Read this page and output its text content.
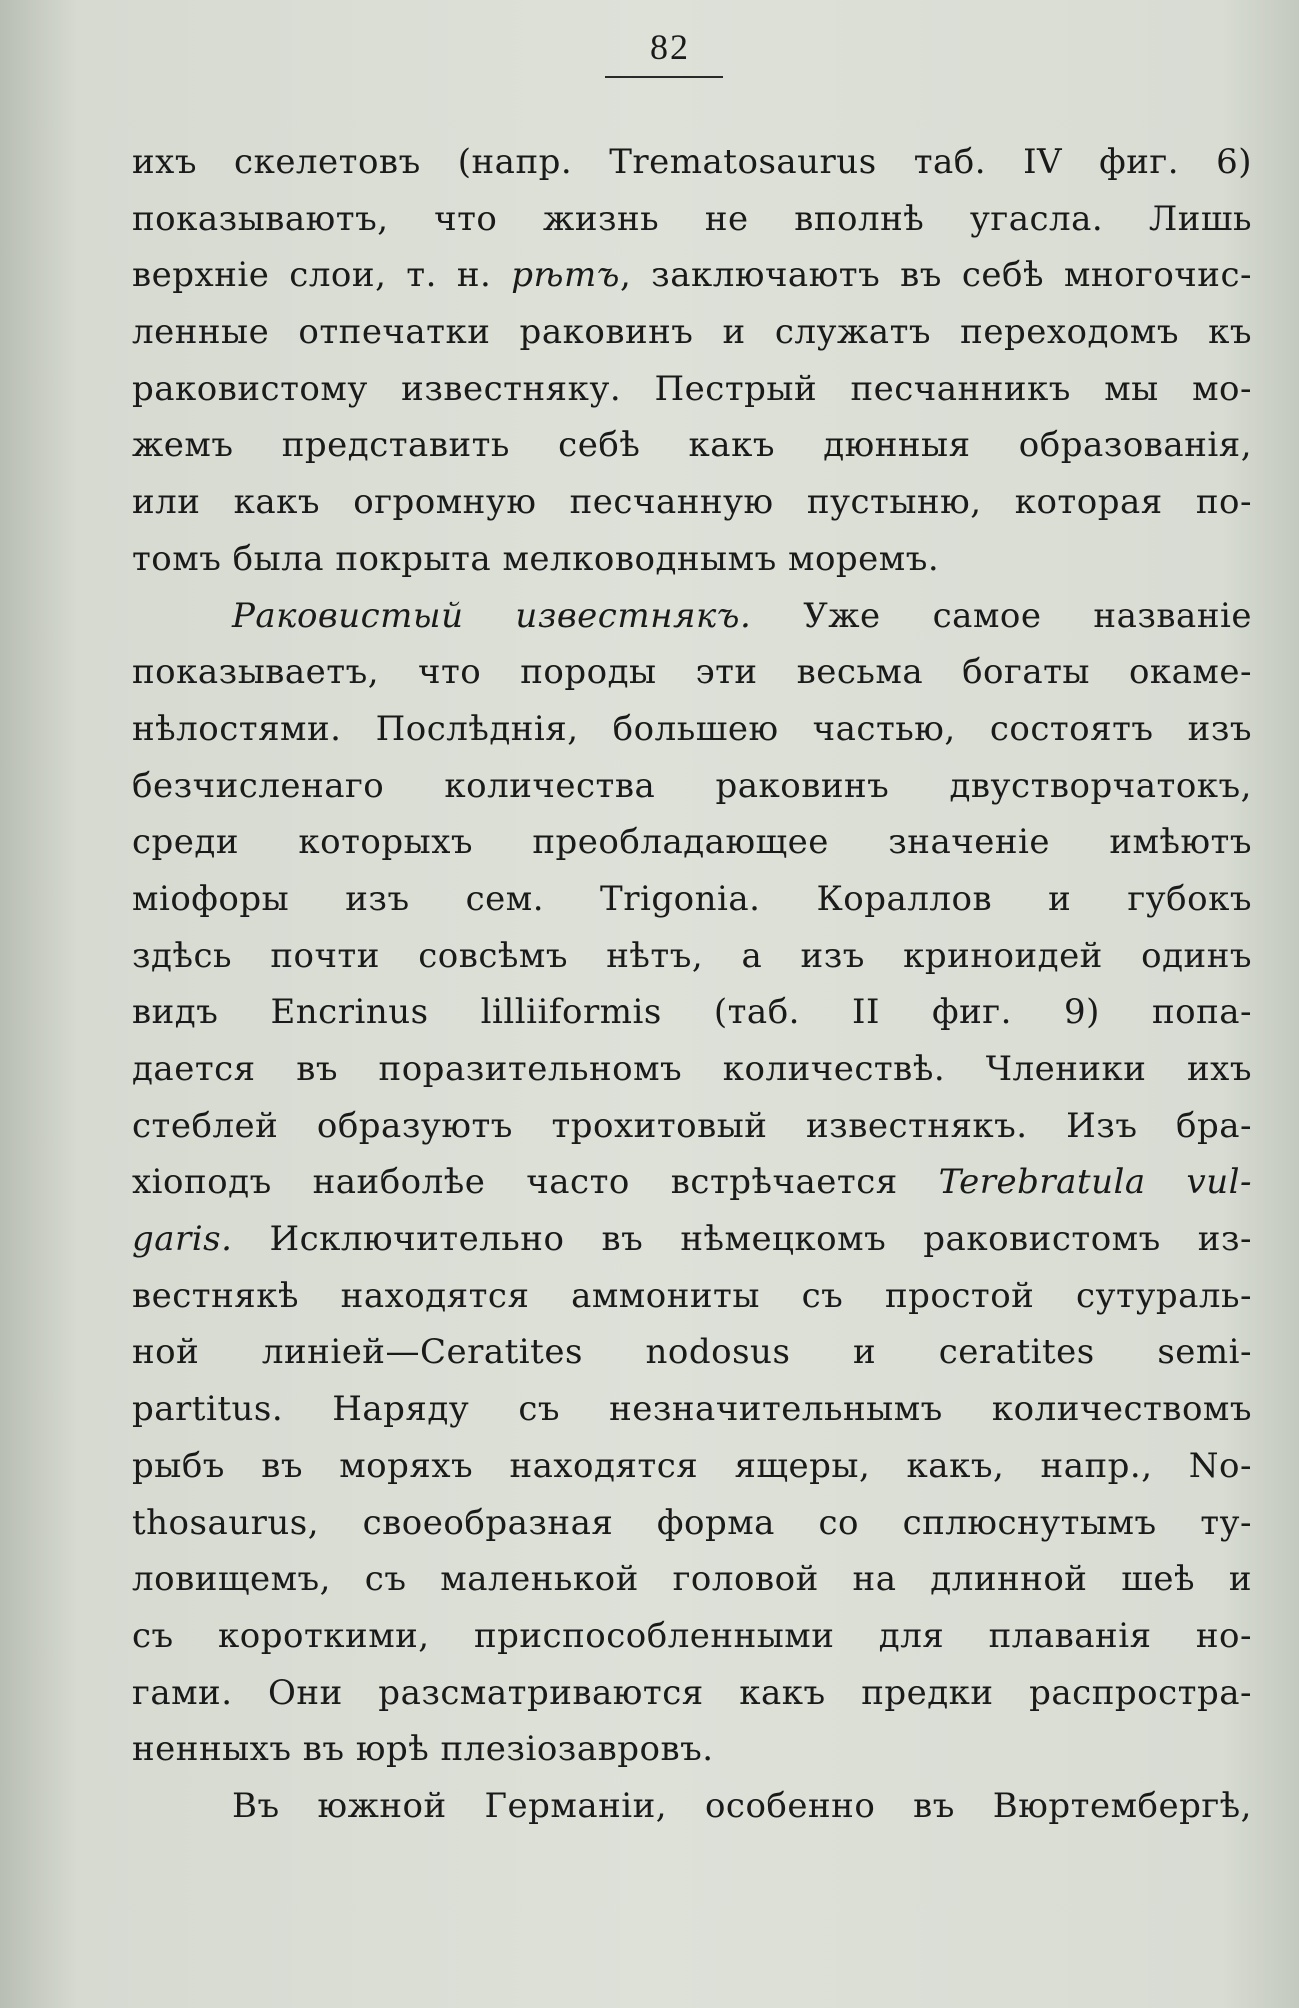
82
ихъ скелетовъ (напр. Trematosaurus таб. IV фиг. 6)
показываютъ, что жизнь не вполнѣ угасла. Лишь
верхніе слои, т. н. рѣтъ, заключаютъ въ себѣ многочис-
ленные отпечатки раковинъ и служатъ переходомъ къ
раковистому известняку. Пестрый песчанникъ мы мо-
жемъ представить себѣ какъ дюнныя образованія,
или какъ огромную песчанную пустыню, которая по-
томъ была покрыта мелководнымъ моремъ.
Раковистый известнякъ. Уже самое названіе
показываетъ, что породы эти весьма богаты окаме-
нѣлостями. Послѣднія, большею частью, состоятъ изъ
безчисленаго количества раковинъ двустворчатокъ,
среди которыхъ преобладающее значеніе имѣютъ
міофоры изъ сем. Trigonia. Кораллов и губокъ
здѣсь почти совсѣмъ нѣтъ, а изъ криноидей одинъ
видъ Encrinus lilliiformis (таб. II фиг. 9) попа-
дается въ поразительномъ количествѣ. Членики ихъ
стеблей образуютъ трохитовый известнякъ. Изъ бра-
хіоподъ наиболѣе часто встрѣчается Terebratula vul-
garis. Исключительно въ нѣмецкомъ раковистомъ из-
вестнякѣ находятся аммониты съ простой сутураль-
ной линіей—Ceratites nodosus и ceratites semi-
partitus. Наряду съ незначительнымъ количествомъ
рыбъ въ моряхъ находятся ящеры, какъ, напр., No-
thosaurus, своеобразная форма со сплюснутымъ ту-
ловищемъ, съ маленькой головой на длинной шеѣ и
съ короткими, приспособленными для плаванія но-
гами. Они разсматриваются какъ предки распростра-
ненныхъ въ юрѣ плезіозавровъ.
Въ южной Германіи, особенно въ Вюртембергѣ,
